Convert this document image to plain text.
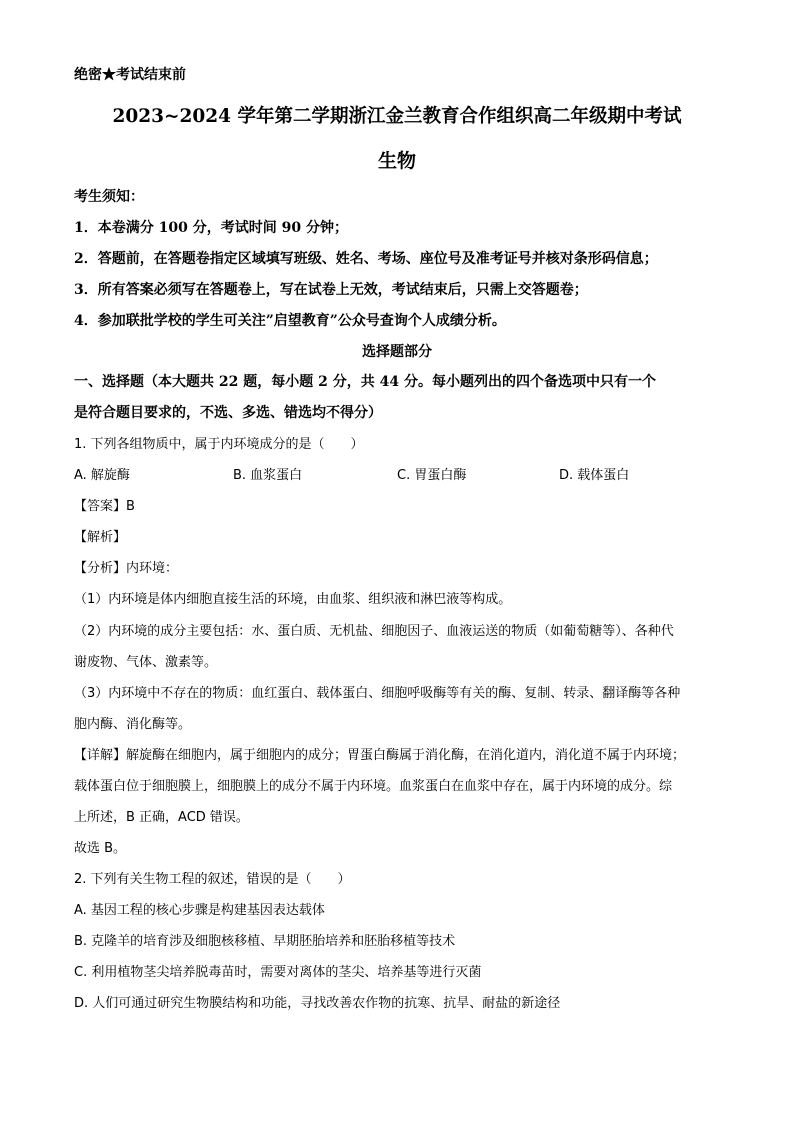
绝密★考试结束前
2023~2024 学年第二学期浙江金兰教育合作组织高二年级期中考试
生物
考生须知：
1．本卷满分 100 分，考试时间 90 分钟；
2．答题前，在答题卷指定区域填写班级、姓名、考场、座位号及准考证号并核对条形码信息；
3．所有答案必须写在答题卷上，写在试卷上无效，考试结束后，只需上交答题卷；
4．参加联批学校的学生可关注”启望教育”公众号查询个人成绩分析。
选择题部分
一、选择题（本大题共 22 题，每小题 2 分，共 44 分。每小题列出的四个备选项中只有一个
是符合题目要求的，不选、多选、错选均不得分）
1. 下列各组物质中，属于内环境成分的是（　　）
A. 解旋酶	B. 血浆蛋白	C. 胃蛋白酶	D. 载体蛋白
【答案】B
【解析】
【分析】内环境：
（1）内环境是体内细胞直接生活的环境，由血浆、组织液和淋巴液等构成。
（2）内环境的成分主要包括：水、蛋白质、无机盐、细胞因子、血液运送的物质（如葡萄糖等）、各种代
谢废物、气体、激素等。
（3）内环境中不存在的物质：血红蛋白、载体蛋白、细胞呼吸酶等有关的酶、复制、转录、翻译酶等各种
胞内酶、消化酶等。
【详解】解旋酶在细胞内，属于细胞内的成分；胃蛋白酶属于消化酶，在消化道内，消化道不属于内环境；
载体蛋白位于细胞膜上，细胞膜上的成分不属于内环境。血浆蛋白在血浆中存在，属于内环境的成分。综
上所述，B 正确，ACD 错误。
故选 B。
2. 下列有关生物工程的叙述，错误的是（　　）
A. 基因工程的核心步骤是构建基因表达载体
B. 克隆羊的培育涉及细胞核移植、早期胚胎培养和胚胎移植等技术
C. 利用植物茎尖培养脱毒苗时，需要对离体的茎尖、培养基等进行灭菌
D. 人们可通过研究生物膜结构和功能，寻找改善农作物的抗寒、抗旱、耐盐的新途径
